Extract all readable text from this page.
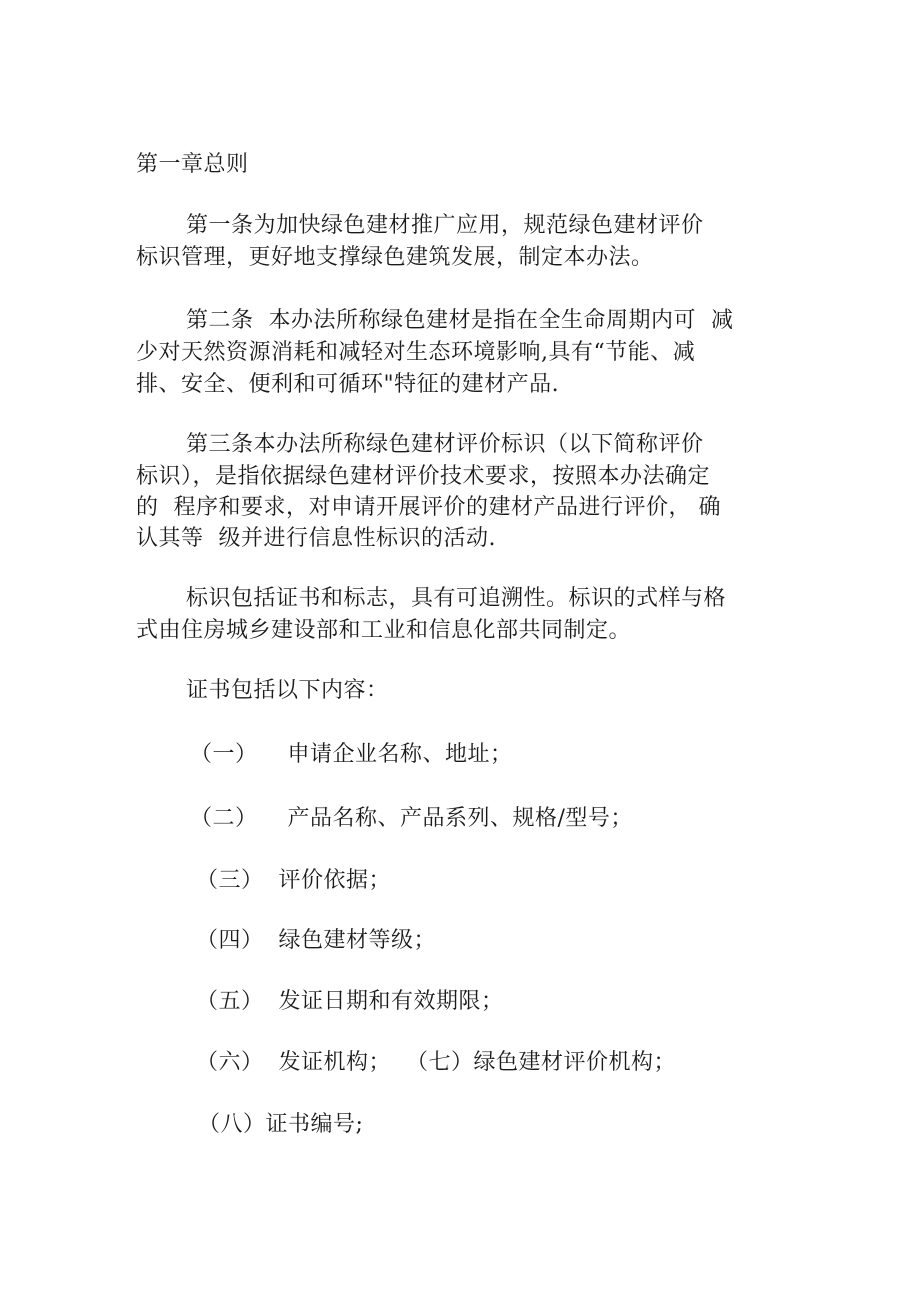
第一章总则
第一条为加快绿色建材推广应用，规范绿色建材评价
标识管理，更好地支撑绿色建筑发展，制定本办法。
第二条  本办法所称绿色建材是指在全生命周期内可  减
少对天然资源消耗和减轻对生态环境影响,具有“节能、减
排、安全、便利和可循环"特征的建材产品.
第三条本办法所称绿色建材评价标识（以下简称评价
标识），是指依据绿色建材评价技术要求，按照本办法确定
的  程序和要求，对申请开展评价的建材产品进行评价， 确
认其等  级并进行信息性标识的活动.
标识包括证书和标志，具有可追溯性。标识的式样与格
式由住房城乡建设部和工业和信息化部共同制定。
证书包括以下内容：
（一）    申请企业名称、地址；
（二）    产品名称、产品系列、规格/型号；
（三）  评价依据；
（四）  绿色建材等级；
（五）  发证日期和有效期限；
（六）  发证机构；  （七）绿色建材评价机构；
（八）证书编号;
